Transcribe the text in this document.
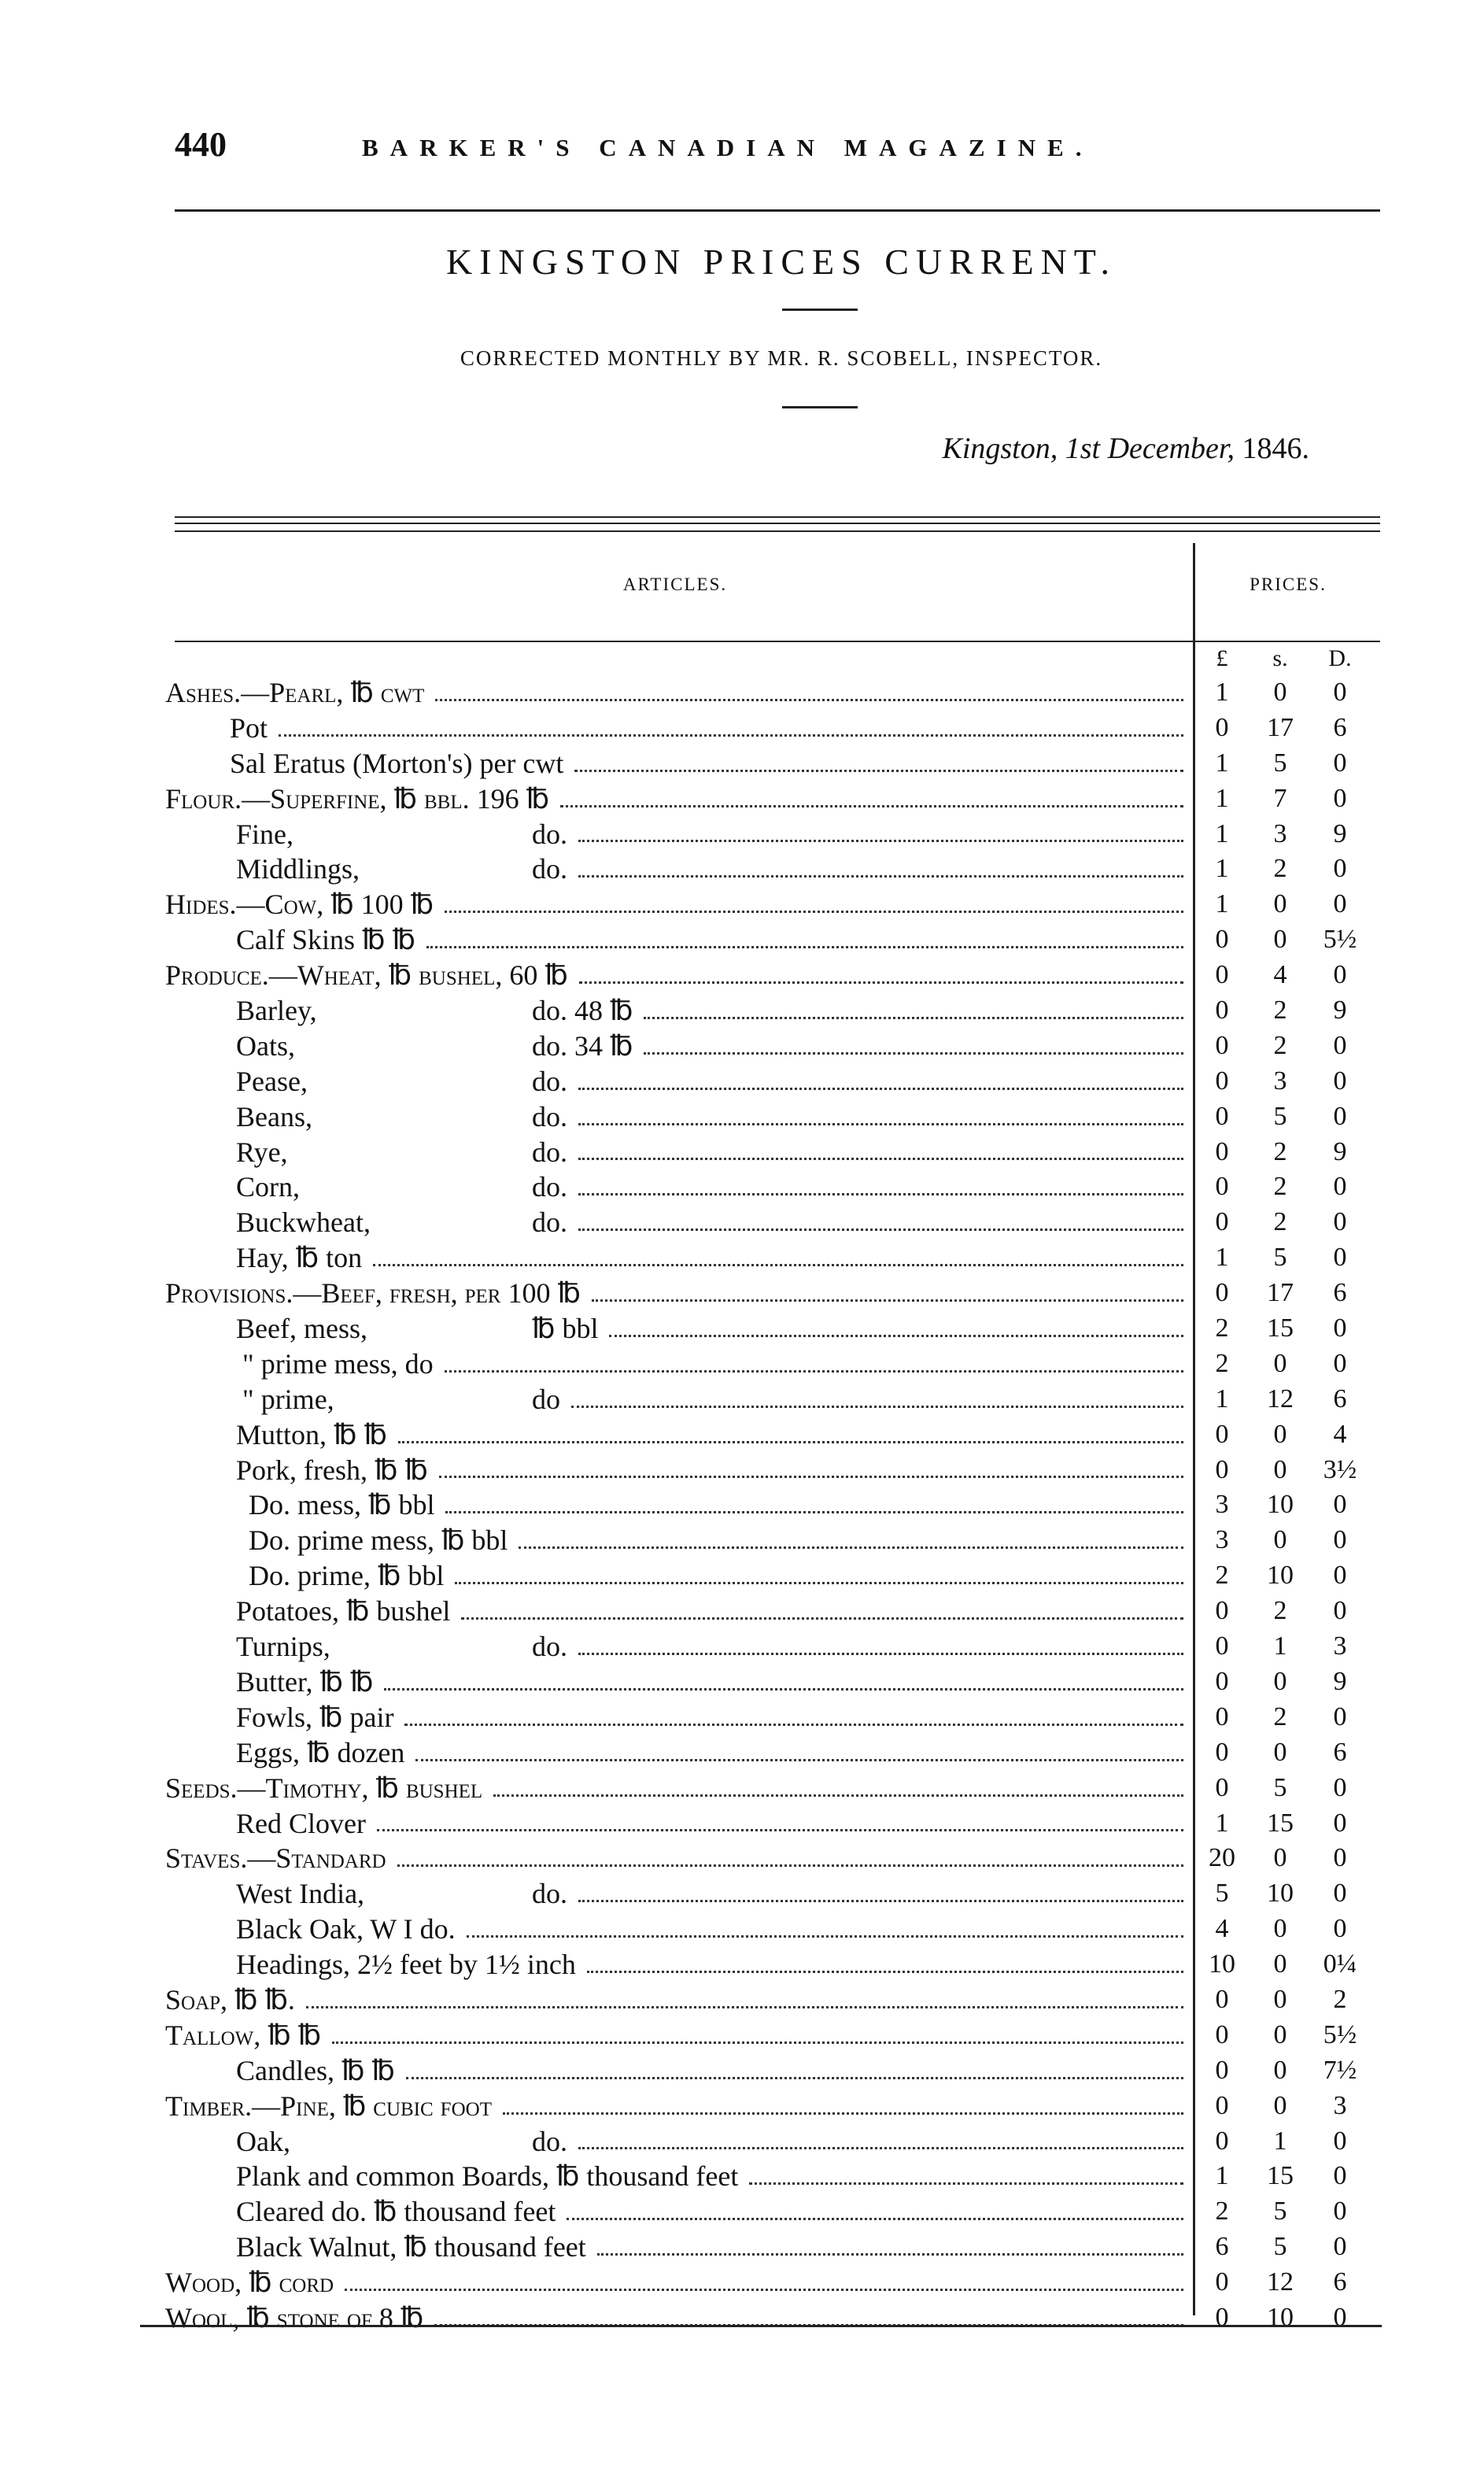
440	BARKER'S CANADIAN MAGAZINE.
KINGSTON PRICES CURRENT.
CORRECTED MONTHLY BY MR. R. SCOBELL, INSPECTOR.
Kingston, 1st December, 1846.
ARTICLES.	PRICES.
£	s.	D.
Ashes.—Pearl, ℔ cwt	1	0	0
Pot	0	17	6
Sal Eratus (Morton's) per cwt	1	5	0
Flour.—Superfine, ℔ bbl. 196 ℔	1	7	0
Fine,	do.	1	3	9
Middlings,	do.	1	2	0
Hides.—Cow, ℔ 100 ℔	1	0	0
Calf Skins ℔ ℔	0	0	5½
Produce.—Wheat, ℔ bushel, 60 ℔	0	4	0
Barley,	do. 48 ℔	0	2	9
Oats,	do. 34 ℔	0	2	0
Pease,	do.	0	3	0
Beans,	do.	0	5	0
Rye,	do.	0	2	9
Corn,	do.	0	2	0
Buckwheat,	do.	0	2	0
Hay, ℔ ton	1	5	0
Provisions.—Beef, fresh, per 100 ℔	0	17	6
Beef, mess,	℔ bbl	2	15	0
" prime mess, do	2	0	0
" prime,	do	1	12	6
Mutton, ℔ ℔	0	0	4
Pork, fresh, ℔ ℔	0	0	3½
Do. mess, ℔ bbl	3	10	0
Do. prime mess, ℔ bbl	3	0	0
Do. prime, ℔ bbl	2	10	0
Potatoes, ℔ bushel	0	2	0
Turnips,	do.	0	1	3
Butter, ℔ ℔	0	0	9
Fowls, ℔ pair	0	2	0
Eggs, ℔ dozen	0	0	6
Seeds.—Timothy, ℔ bushel	0	5	0
Red Clover	1	15	0
Staves.—Standard	20	0	0
West India,	do.	5	10	0
Black Oak, W I do.	4	0	0
Headings, 2½ feet by 1½ inch	10	0	0¼
Soap, ℔ ℔.	0	0	2
Tallow, ℔ ℔	0	0	5½
Candles, ℔ ℔	0	0	7½
Timber.—Pine, ℔ cubic foot	0	0	3
Oak,	do.	0	1	0
Plank and common Boards, ℔ thousand feet	1	15	0
Cleared do. ℔ thousand feet	2	5	0
Black Walnut, ℔ thousand feet	6	5	0
Wood, ℔ cord	0	12	6
Wool, ℔ stone of 8 ℔	0	10	0
